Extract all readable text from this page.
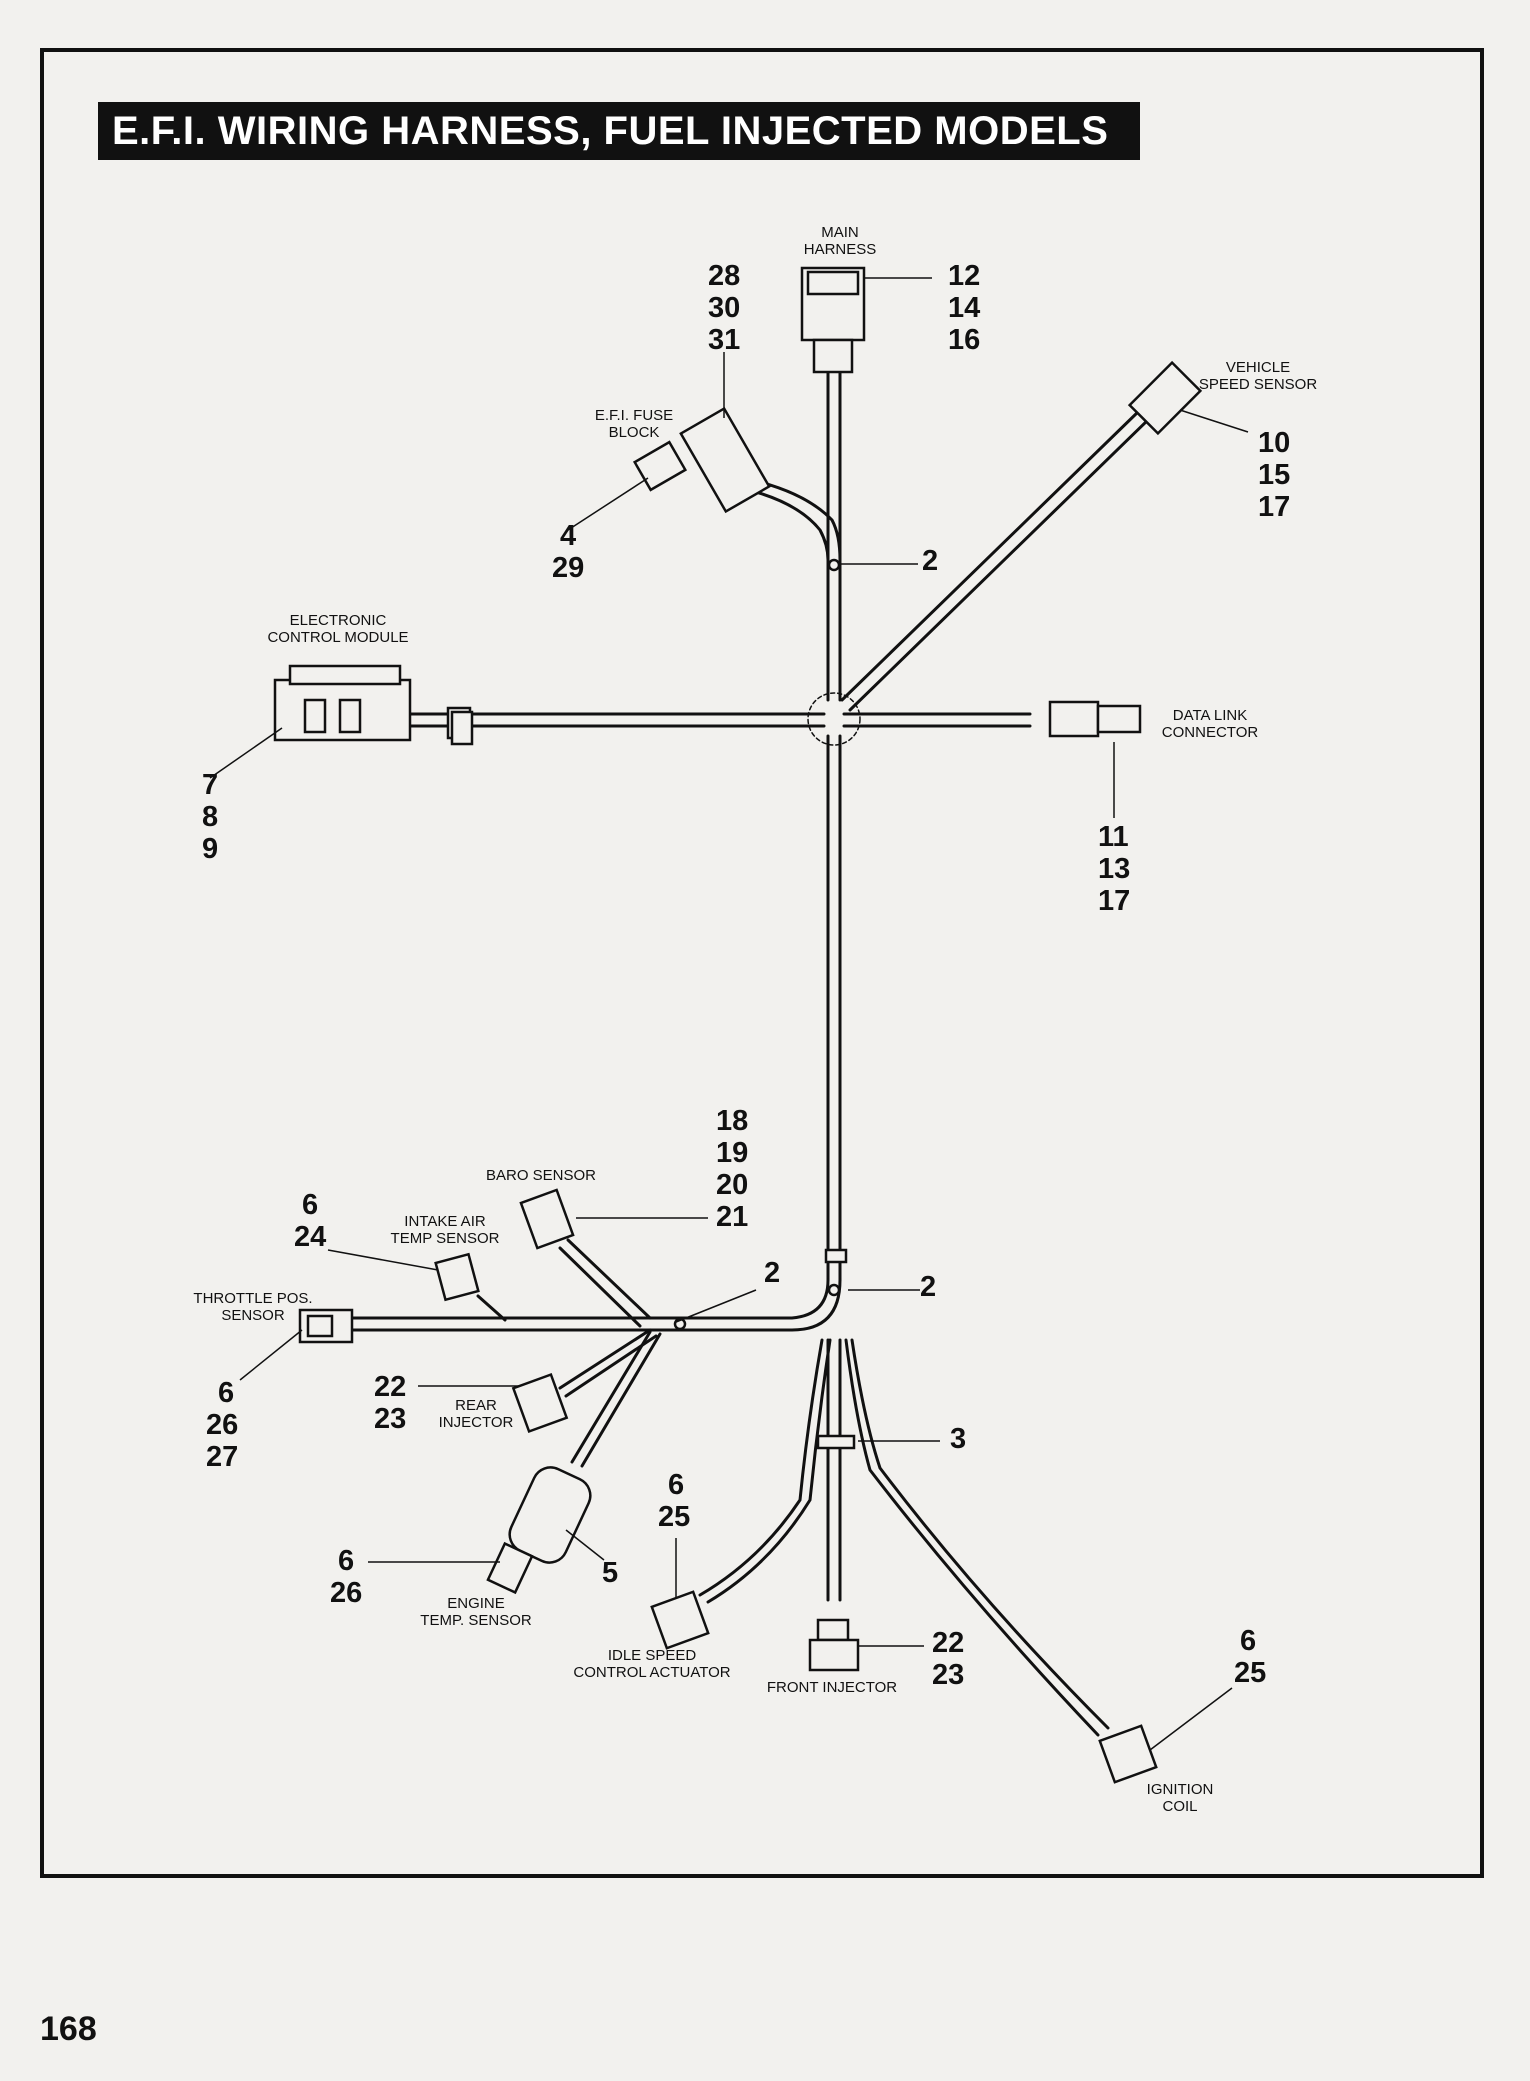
E.F.I. WIRING HARNESS, FUEL INJECTED MODELS
168
MAIN
HARNESS
E.F.I. FUSE
BLOCK
VEHICLE
SPEED SENSOR
ELECTRONIC
CONTROL MODULE
DATA LINK
CONNECTOR
BARO SENSOR
INTAKE AIR
TEMP SENSOR
THROTTLE POS.
SENSOR
REAR
INJECTOR
ENGINE
TEMP. SENSOR
IDLE SPEED
CONTROL ACTUATOR
FRONT INJECTOR
IGNITION
COIL
12
14
16
28
30
31
4
29
10
15
17
2
7
8
9	11
13
17
18
19
20
21
6
24
6
26
27
2	2
22
23
3
6
26
5
6
25
22
23
6
25
